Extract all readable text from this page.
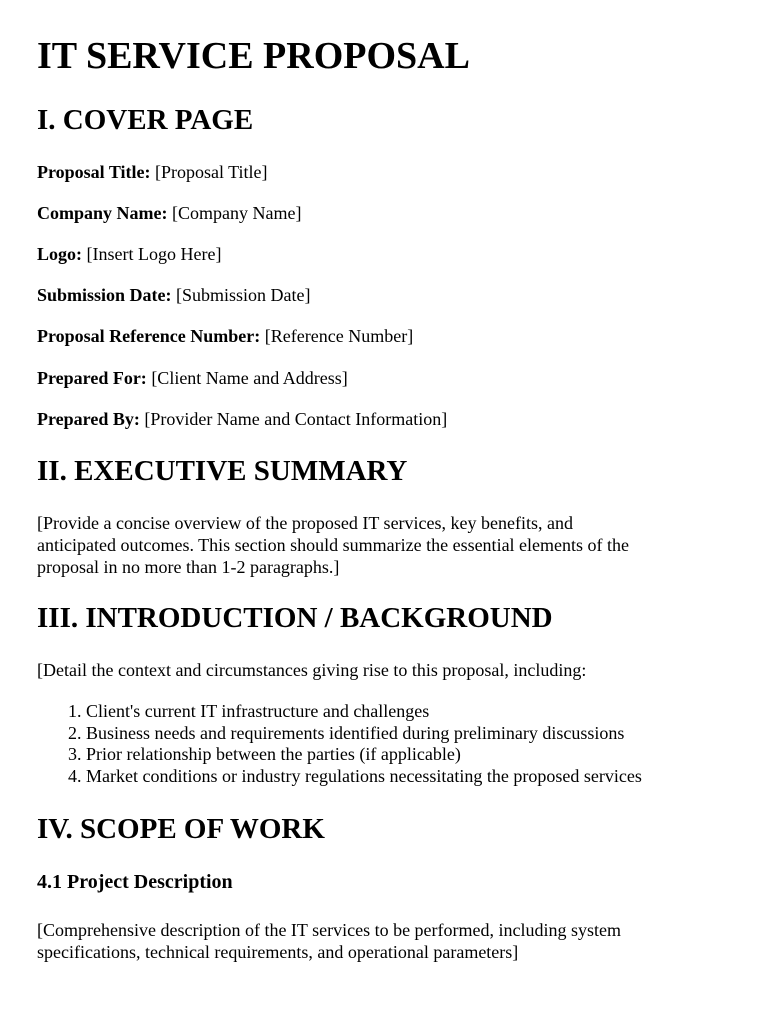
IT SERVICE PROPOSAL
I. COVER PAGE

Proposal Title: [Proposal Title]

Company Name: [Company Name]

Logo: [Insert Logo Here]

Submission Date: [Submission Date]

Proposal Reference Number: [Reference Number]

Prepared For: [Client Name and Address]

Prepared By: [Provider Name and Contact Information]

II. EXECUTIVE SUMMARY
[Provide a concise overview of the proposed IT services, key benefits, and
anticipated outcomes. This section should summarize the essential elements of the
proposal in no more than 1-2 paragraphs.]
III. INTRODUCTION / BACKGROUND
[Detail the context and circumstances giving rise to this proposal, including:
1. Client's current IT infrastructure and challenges
2. Business needs and requirements identified during preliminary discussions
3. Prior relationship between the parties (if applicable)
4. Market conditions or industry regulations necessitating the proposed services
IV. SCOPE OF WORK
4.1 Project Description
[Comprehensive description of the IT services to be performed, including system
specifications, technical requirements, and operational parameters]
